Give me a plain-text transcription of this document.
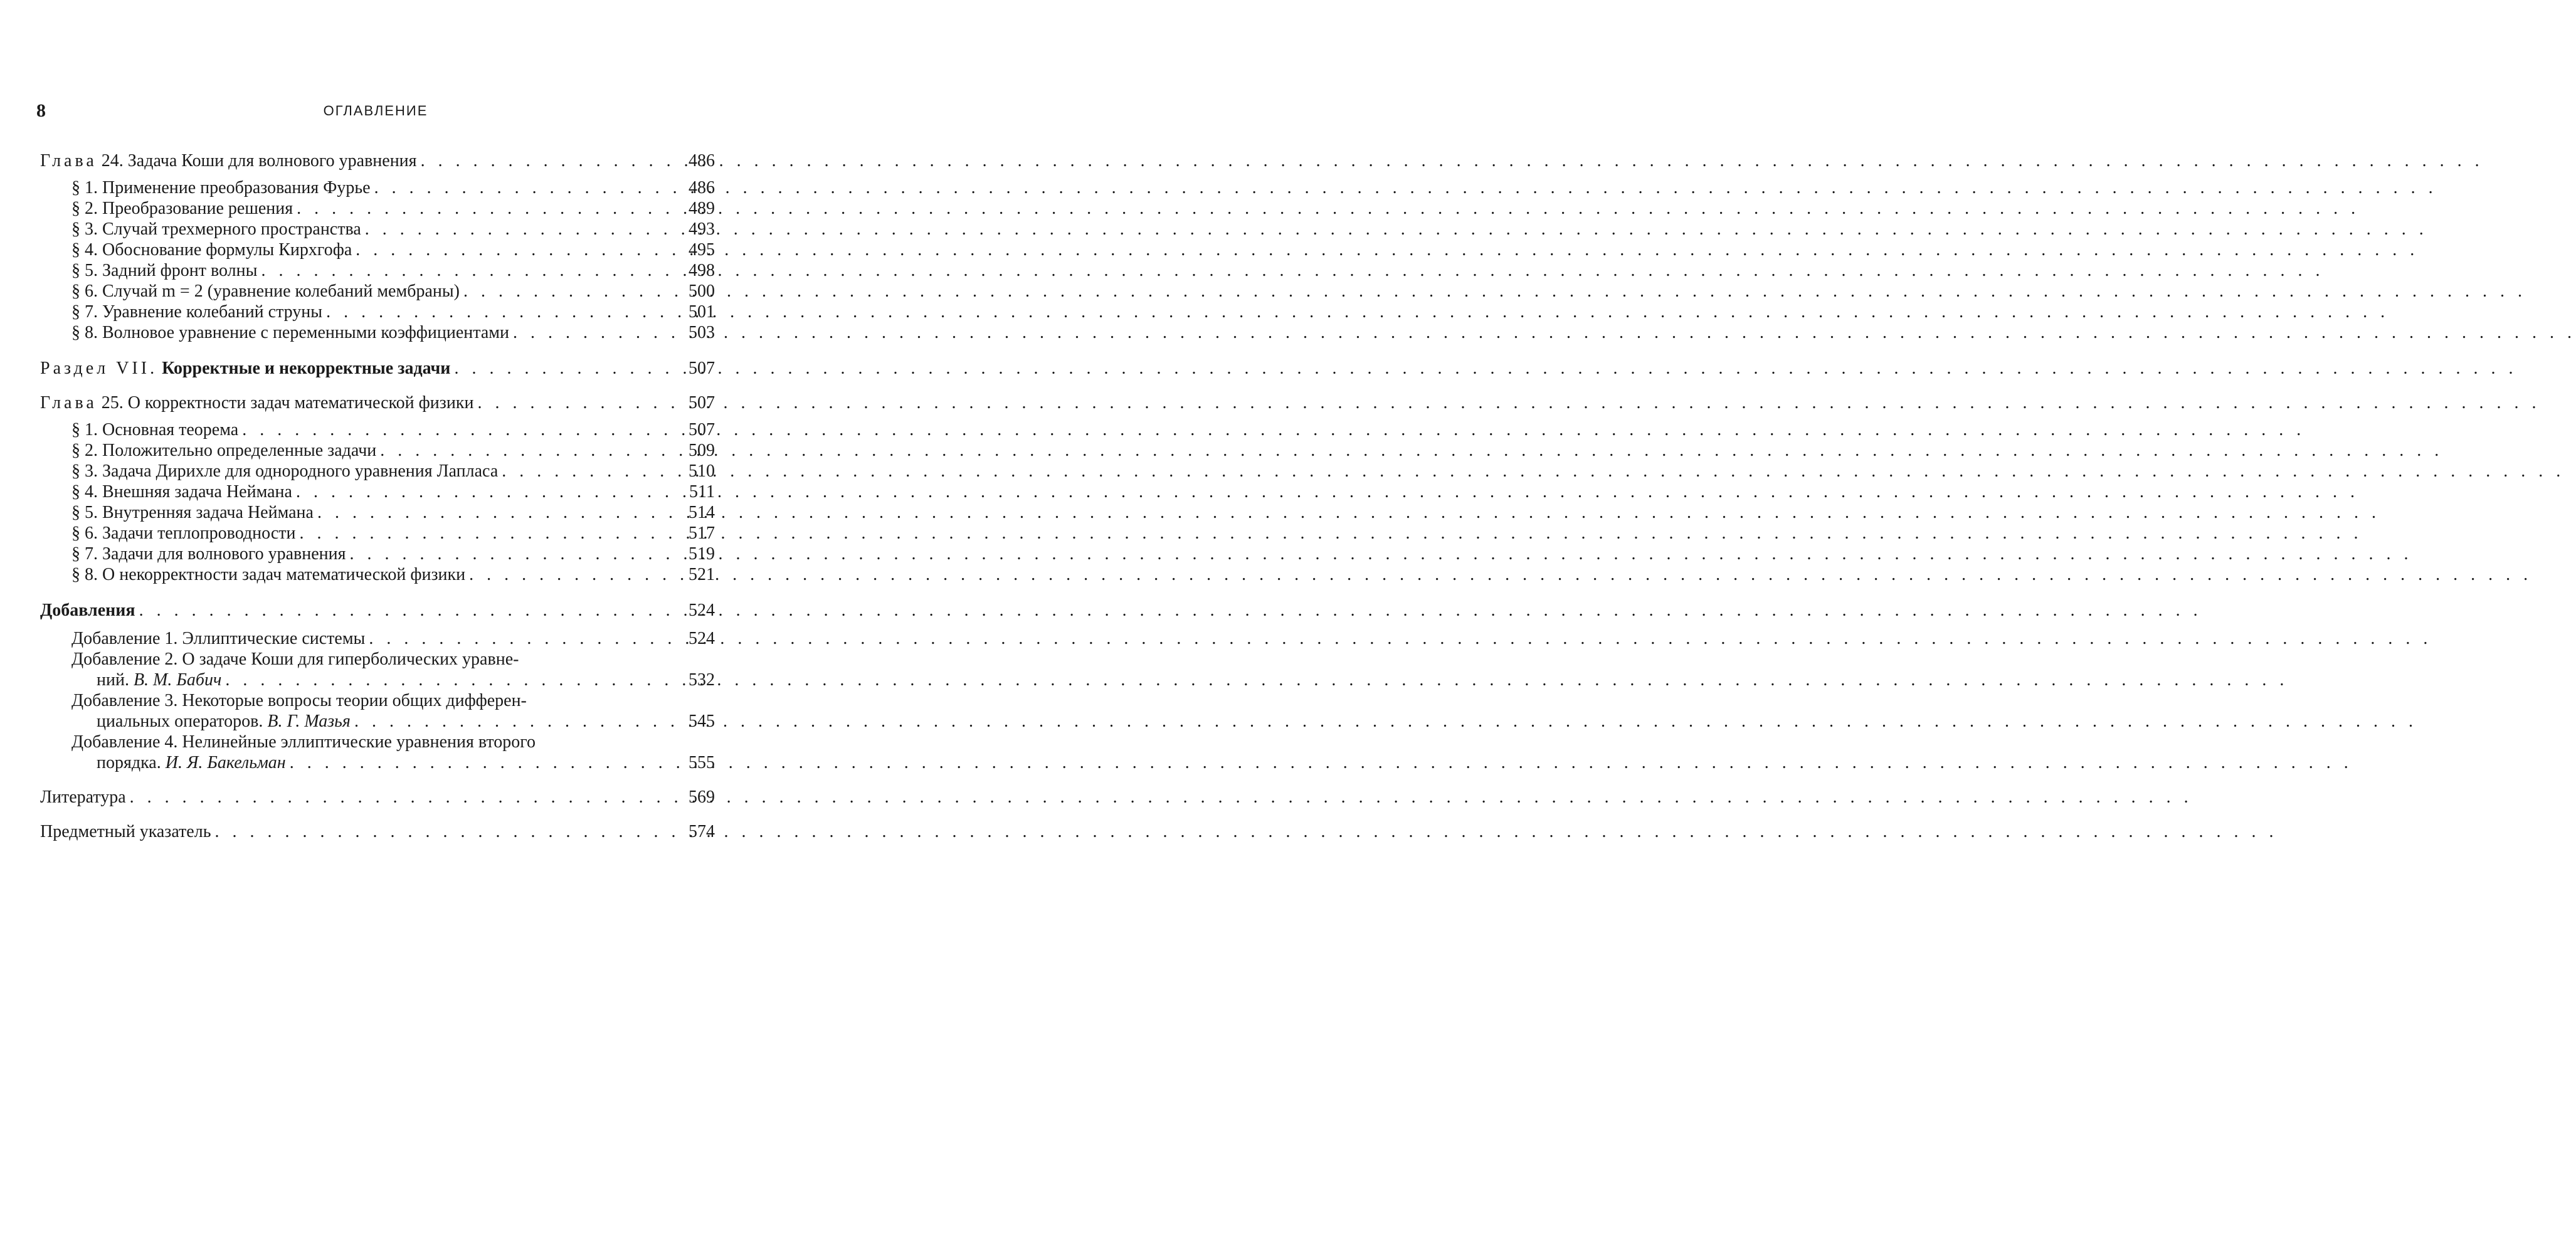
8	ОГЛАВЛЕНИЕ
Глава 24. Задача Коши для волнового уравнения . . .	486
§ 1. Применение преобразования Фурье . . .	486
§ 2. Преобразование решения . . .	489
§ 3. Случай трехмерного пространства . . .	493
§ 4. Обоснование формулы Кирхгофа . . .	495
§ 5. Задний фронт волны . . .	498
§ 6. Случай m = 2 (уравнение колебаний мембраны) . . .	500
§ 7. Уравнение колебаний струны . . .	501
§ 8. Волновое уравнение с переменными коэффициентами . . .	503
Раздел VII. Корректные и некорректные задачи . . .	507
Глава 25. О корректности задач математической физики . . .	507
§ 1. Основная теорема . . .	507
§ 2. Положительно определенные задачи . . .	509
§ 3. Задача Дирихле для однородного уравнения Лапласа . . .	510
§ 4. Внешняя задача Неймана . . .	511
§ 5. Внутренняя задача Неймана . . .	514
§ 6. Задачи теплопроводности . . .	517
§ 7. Задачи для волнового уравнения . . .	519
§ 8. О некорректности задач математической физики . . .	521
Добавления . . .	524
Добавление 1. Эллиптические системы . . .	524
Добавление 2. О задаче Коши для гиперболических уравне-
ний. В. М. Бабич . . .	532
Добавление 3. Некоторые вопросы теории общих дифферен-
циальных операторов. В. Г. Мазья . . .	545
Добавление 4. Нелинейные эллиптические уравнения второго
порядка. И. Я. Бакельман . . .	555
Литература . . .	569
Предметный указатель . . .	574
